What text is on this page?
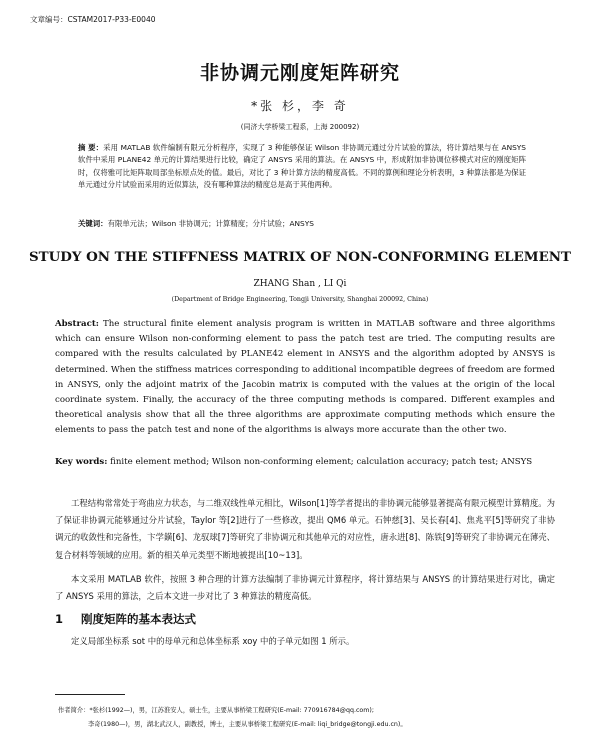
文章编号：CSTAM2017-P33-E0040
非协调元刚度矩阵研究
*张 杉，李 奇
(同济大学桥梁工程系，上海 200092)
摘 要：采用 MATLAB 软件编制有限元分析程序，实现了 3 种能够保证 Wilson 非协调元通过分片试验的算法，将计算结果与在 ANSYS 软件中采用 PLANE42 单元的计算结果进行比较，确定了 ANSYS 采用的算法。在 ANSYS 中，形成附加非协调位移模式对应的刚度矩阵时，仅将雅可比矩阵取局部坐标原点处的值。最后，对比了 3 种计算方法的精度高低。不同的算例和理论分析表明，3 种算法都是为保证单元通过分片试验而采用的近似算法，没有哪种算法的精度总是高于其他两种。
关键词：有限单元法；Wilson 非协调元；计算精度；分片试验；ANSYS
STUDY ON THE STIFFNESS MATRIX OF NON-CONFORMING ELEMENT
ZHANG Shan , LI Qi
(Department of Bridge Engineering, Tongji University, Shanghai 200092, China)
Abstract: The structural finite element analysis program is written in MATLAB software and three algorithms which can ensure Wilson non-conforming element to pass the patch test are tried. The computing results are compared with the results calculated by PLANE42 element in ANSYS and the algorithm adopted by ANSYS is determined. When the stiffness matrices corresponding to additional incompatible degrees of freedom are formed in ANSYS, only the adjoint matrix of the Jacobin matrix is computed with the values at the origin of the local coordinate system. Finally, the accuracy of the three computing methods is compared. Different examples and theoretical analysis show that all the three algorithms are approximate computing methods which ensure the elements to pass the patch test and none of the algorithms is always more accurate than the other two.
Key words: finite element method; Wilson non-conforming element; calculation accuracy; patch test; ANSYS
工程结构常常处于弯曲应力状态，与二维双线性单元相比，Wilson[1]等学者提出的非协调元能够显著提高有限元模型计算精度。为了保证非协调元能够通过分片试验，Taylor 等[2]进行了一些修改，提出 QM6 单元。石钟慈[3]、吴长春[4]、焦兆平[5]等研究了非协调元的收敛性和完备性，卞学鐄[6]、龙驭球[7]等研究了非协调元和其他单元的对应性，唐永进[8]、陈铁[9]等研究了非协调元在薄壳、复合材料等领域的应用。新的相关单元类型不断地被提出[10~13]。
本文采用 MATLAB 软件，按照 3 种合理的计算方法编制了非协调元计算程序，将计算结果与 ANSYS 的计算结果进行对比，确定了 ANSYS 采用的算法，之后本文进一步对比了 3 种算法的精度高低。
1 刚度矩阵的基本表达式
定义局部坐标系 sot 中的母单元和总体坐标系 xoy 中的子单元如图 1 所示。
作者简介：*张杉(1992—)，男，江苏淮安人，硕士生，主要从事桥梁工程研究(E-mail: 770916784@qq.com);
李奇(1980—)，男，湖北武汉人，副教授，博士，主要从事桥梁工程研究(E-mail: liqi_bridge@tongji.edu.cn)。
